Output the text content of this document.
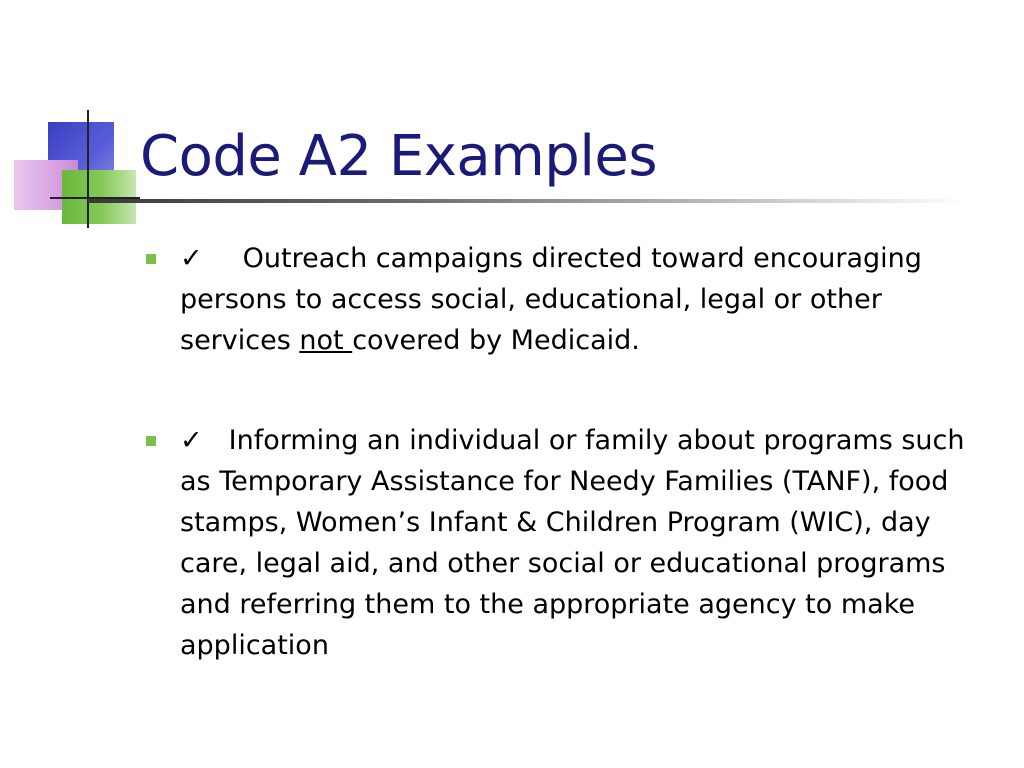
Code A2 Examples
✓ Outreach campaigns directed toward encouraging persons to access social, educational, legal or other services not covered by Medicaid.
✓ Informing an individual or family about programs such as Temporary Assistance for Needy Families (TANF), food stamps, Women’s Infant & Children Program (WIC), day care, legal aid, and other social or educational programs and referring them to the appropriate agency to make application
